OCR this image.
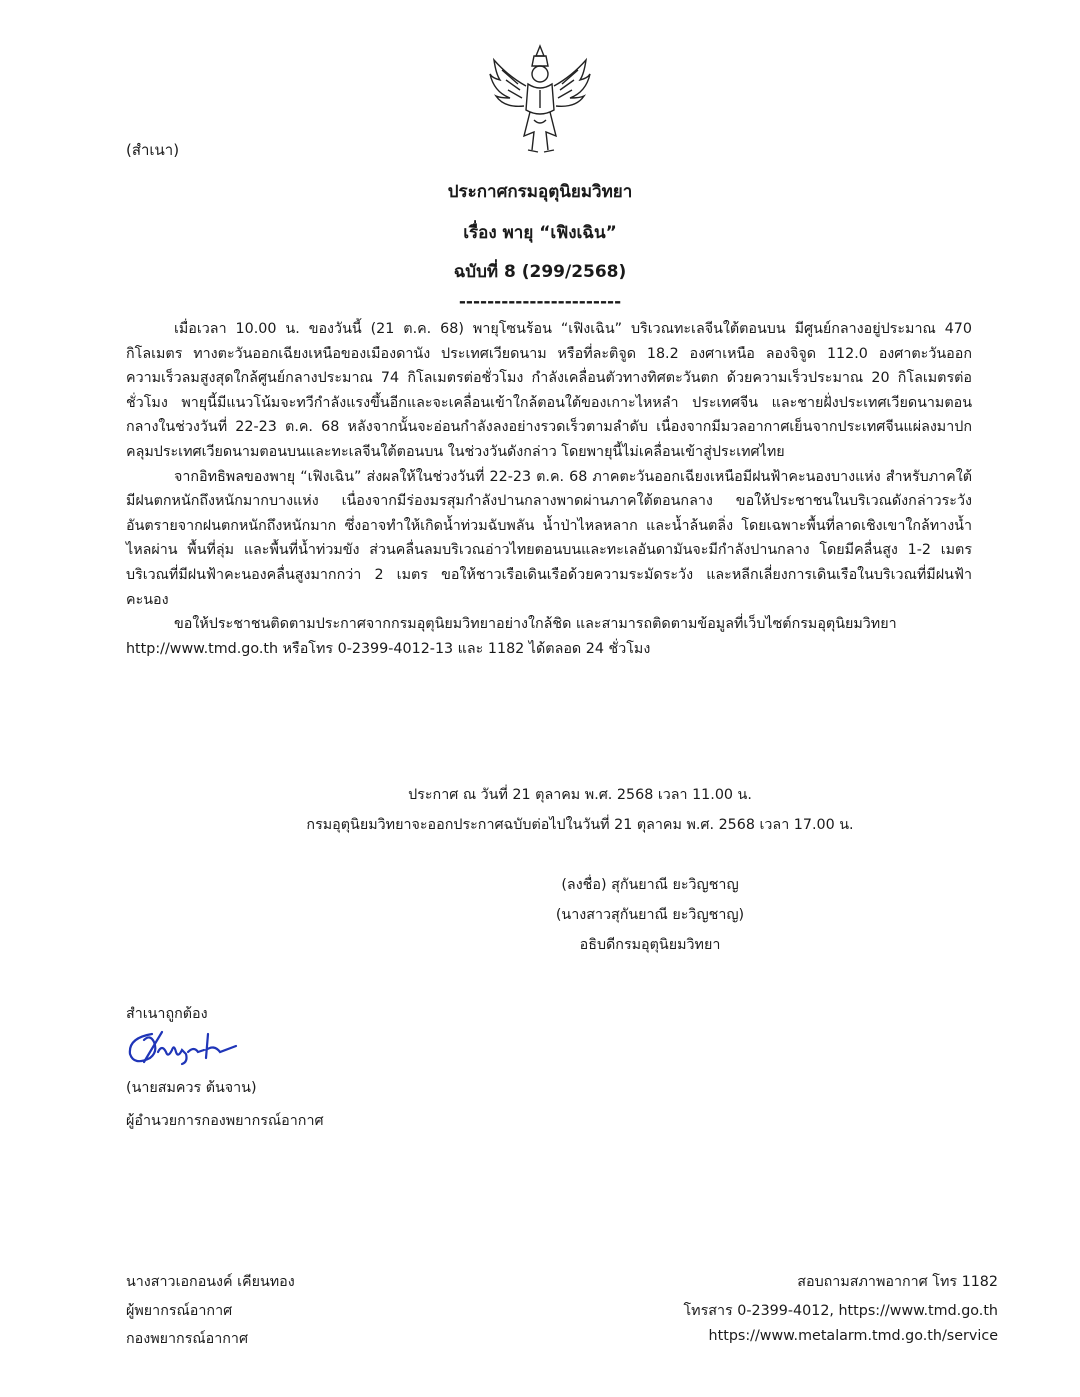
(สำเนา)
ประกาศกรมอุตุนิยมวิทยา
เรื่อง พายุ “เฟิงเฉิน”
ฉบับที่ 8 (299/2568)
-----------------------

เมื่อเวลา 10.00 น. ของวันนี้ (21 ต.ค. 68) พายุโซนร้อน “เฟิงเฉิน” บริเวณทะเลจีนใต้ตอนบน มีศูนย์กลางอยู่ประมาณ 470 กิโลเมตร ทางตะวันออกเฉียงเหนือของเมืองดานัง ประเทศเวียดนาม หรือที่ละติจูด 18.2 องศาเหนือ ลองจิจูด 112.0 องศาตะวันออก ความเร็วลมสูงสุดใกล้ศูนย์กลางประมาณ 74 กิโลเมตรต่อชั่วโมง กำลังเคลื่อนตัวทางทิศตะวันตก ด้วยความเร็วประมาณ 20 กิโลเมตรต่อชั่วโมง พายุนี้มีแนวโน้มจะทวีกำลังแรงขึ้นอีกและจะเคลื่อนเข้าใกล้ตอนใต้ของเกาะไหหลำ ประเทศจีน และชายฝั่งประเทศเวียดนามตอนกลางในช่วงวันที่ 22-23 ต.ค. 68 หลังจากนั้นจะอ่อนกำลังลงอย่างรวดเร็วตามลำดับ เนื่องจากมีมวลอากาศเย็นจากประเทศจีนแผ่ลงมาปกคลุมประเทศเวียดนามตอนบนและทะเลจีนใต้ตอนบน ในช่วงวันดังกล่าว โดยพายุนี้ไม่เคลื่อนเข้าสู่ประเทศไทย

จากอิทธิพลของพายุ “เฟิงเฉิน” ส่งผลให้ในช่วงวันที่ 22-23 ต.ค. 68 ภาคตะวันออกเฉียงเหนือมีฝนฟ้าคะนองบางแห่ง สำหรับภาคใต้มีฝนตกหนักถึงหนักมากบางแห่ง เนื่องจากมีร่องมรสุมกำลังปานกลางพาดผ่านภาคใต้ตอนกลาง ขอให้ประชาชนในบริเวณดังกล่าวระวังอันตรายจากฝนตกหนักถึงหนักมาก ซึ่งอาจทำให้เกิดน้ำท่วมฉับพลัน น้ำป่าไหลหลาก และน้ำล้นตลิ่ง โดยเฉพาะพื้นที่ลาดเชิงเขาใกล้ทางน้ำไหลผ่าน พื้นที่ลุ่ม และพื้นที่น้ำท่วมขัง ส่วนคลื่นลมบริเวณอ่าวไทยตอนบนและทะเลอันดามันจะมีกำลังปานกลาง โดยมีคลื่นสูง 1-2 เมตร บริเวณที่มีฝนฟ้าคะนองคลื่นสูงมากกว่า 2 เมตร ขอให้ชาวเรือเดินเรือด้วยความระมัดระวัง และหลีกเลี่ยงการเดินเรือในบริเวณที่มีฝนฟ้าคะนอง

ขอให้ประชาชนติดตามประกาศจากกรมอุตุนิยมวิทยาอย่างใกล้ชิด และสามารถติดตามข้อมูลที่เว็บไซต์กรมอุตุนิยมวิทยา http://www.tmd.go.th หรือโทร 0-2399-4012-13 และ 1182 ได้ตลอด 24 ชั่วโมง

ประกาศ ณ วันที่ 21 ตุลาคม พ.ศ. 2568 เวลา 11.00 น.
กรมอุตุนิยมวิทยาจะออกประกาศฉบับต่อไปในวันที่ 21 ตุลาคม พ.ศ. 2568 เวลา 17.00 น.
(ลงชื่อ) สุกันยาณี ยะวิญชาญ
(นางสาวสุกันยาณี ยะวิญชาญ)
อธิบดีกรมอุตุนิยมวิทยา
สำเนาถูกต้อง
(นายสมควร ต้นจาน)
ผู้อำนวยการกองพยากรณ์อากาศ
นางสาวเอกอนงค์ เคียนทอง
ผู้พยากรณ์อากาศ
กองพยากรณ์อากาศ
สอบถามสภาพอากาศ โทร 1182
โทรสาร 0-2399-4012, https://www.tmd.go.th
https://www.metalarm.tmd.go.th/service
